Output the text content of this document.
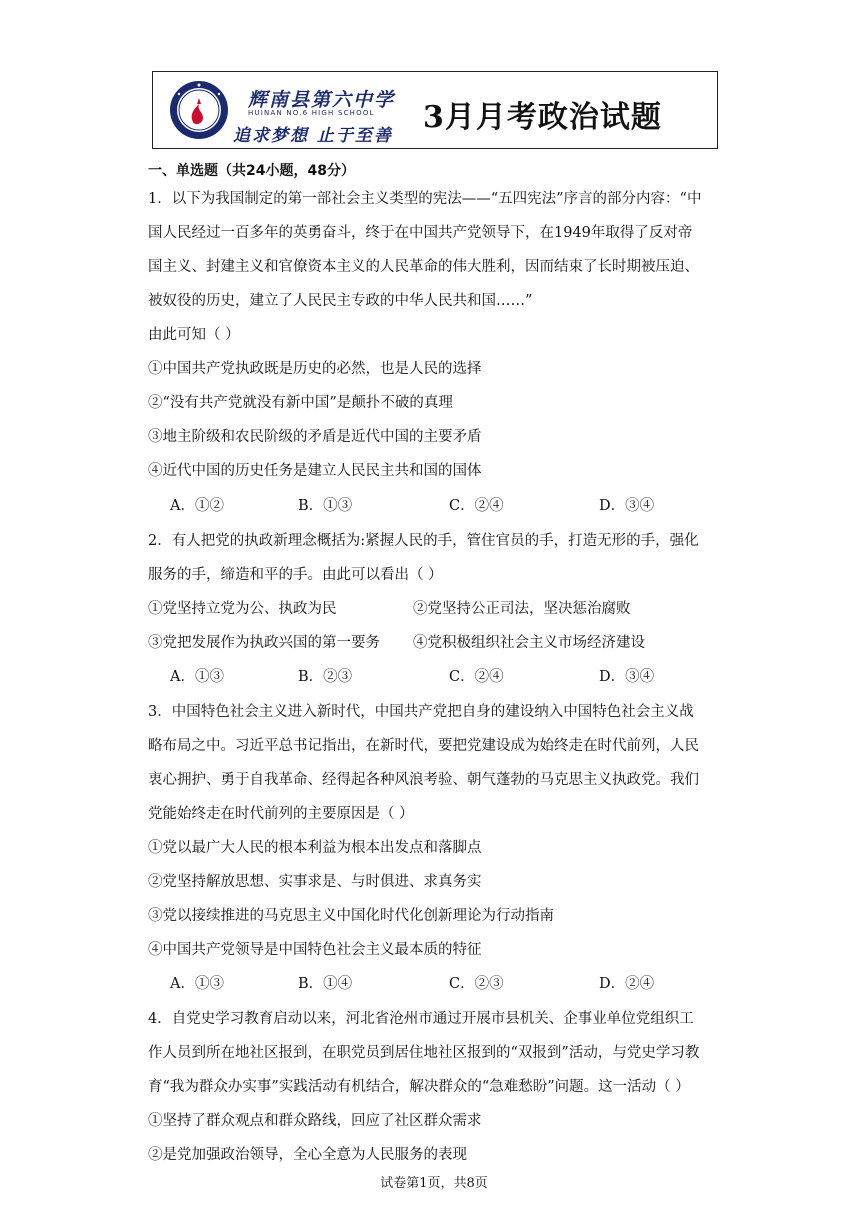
辉南县第六中学
HUINAN NO.6 HIGH SCHOOL
追求梦想 止于至善
3月月考政治试题
一、单选题（共24小题，48分）
1．以下为我国制定的第一部社会主义类型的宪法——“五四宪法”序言的部分内容：“中
国人民经过一百多年的英勇奋斗，终于在中国共产党领导下，在1949年取得了反对帝
国主义、封建主义和官僚资本主义的人民革命的伟大胜利，因而结束了长时期被压迫、
被奴役的历史，建立了人民民主专政的中华人民共和国……”
由此可知（ ）
①中国共产党执政既是历史的必然，也是人民的选择
②“没有共产党就没有新中国”是颠扑不破的真理
③地主阶级和农民阶级的矛盾是近代中国的主要矛盾
④近代中国的历史任务是建立人民民主共和国的国体
A．①②	B．①③	C．②④	D．③④
2．有人把党的执政新理念概括为:紧握人民的手，管住官员的手，打造无形的手，强化
服务的手，缔造和平的手。由此可以看出（ ）
①党坚持立党为公、执政为民	②党坚持公正司法，坚决惩治腐败
③党把发展作为执政兴国的第一要务 ④党积极组织社会主义市场经济建设
A．①③	B．②③	C．②④	D．③④
3．中国特色社会主义进入新时代，中国共产党把自身的建设纳入中国特色社会主义战
略布局之中。习近平总书记指出，在新时代，要把党建设成为始终走在时代前列，人民
衷心拥护、勇于自我革命、经得起各种风浪考验、朝气蓬勃的马克思主义执政党。我们
党能始终走在时代前列的主要原因是（ ）
①党以最广大人民的根本利益为根本出发点和落脚点
②党坚持解放思想、实事求是、与时俱进、求真务实
③党以接续推进的马克思主义中国化时代化创新理论为行动指南
④中国共产党领导是中国特色社会主义最本质的特征
A．①③	B．①④	C．②③	D．②④
4．自党史学习教育启动以来，河北省沧州市通过开展市县机关、企事业单位党组织工
作人员到所在地社区报到，在职党员到居住地社区报到的“双报到”活动，与党史学习教
育“我为群众办实事”实践活动有机结合，解决群众的“急难愁盼”问题。这一活动（ ）
①坚持了群众观点和群众路线，回应了社区群众需求
②是党加强政治领导，全心全意为人民服务的表现
试卷第1页，共8页
